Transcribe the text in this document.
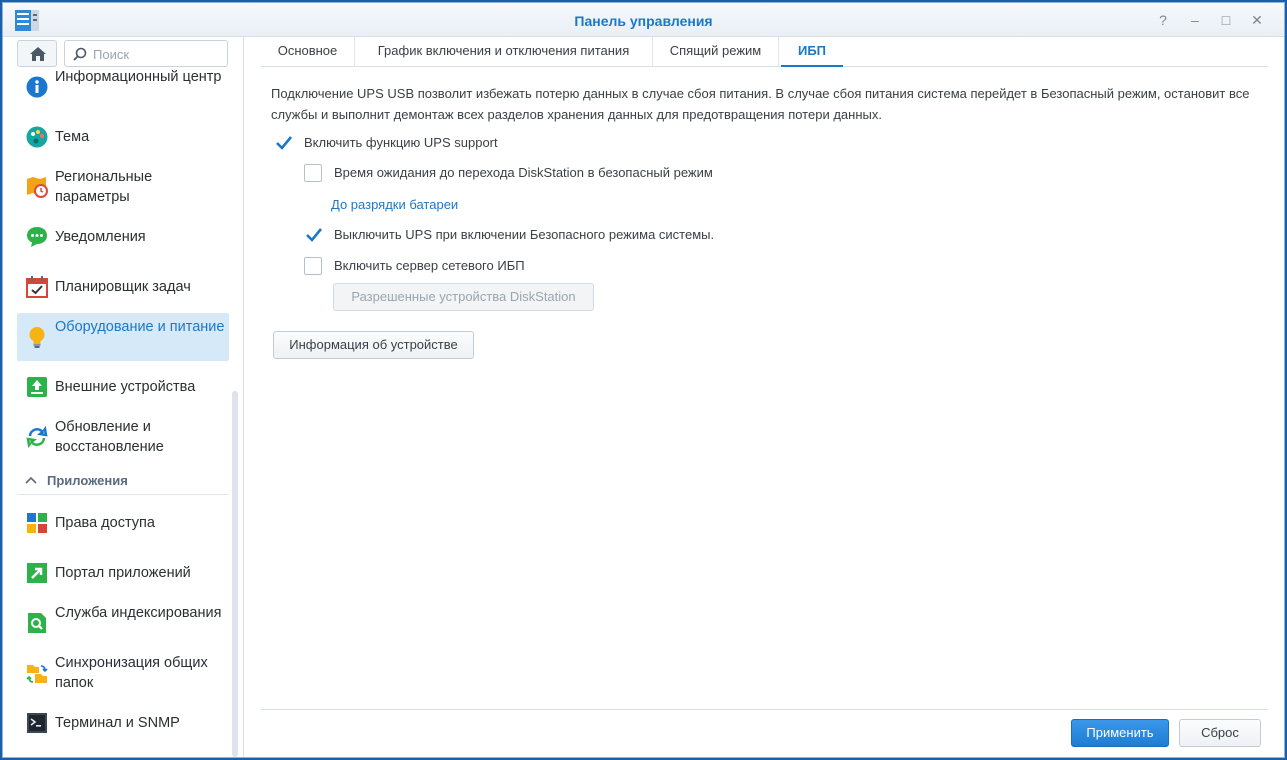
Панель управления	? – □ ✕
Поиск
Информационный центр
Тема
Региональные параметры
Уведомления
Планировщик задач
Оборудование и питание
Внешние устройства
Обновление и восстановление
Приложения
Права доступа
Портал приложений
Служба индексирования
Синхронизация общих папок
Терминал и SNMP
Основное	График включения и отключения питания	Спящий режим	ИБП
Подключение UPS USB позволит избежать потерю данных в случае сбоя питания. В случае сбоя питания система перейдет в Безопасный режим, остановит все службы и выполнит демонтаж всех разделов хранения данных для предотвращения потери данных.
Включить функцию UPS support
Время ожидания до перехода DiskStation в безопасный режим
До разрядки батареи
Выключить UPS при включении Безопасного режима системы.
Включить сервер сетевого ИБП
Разрешенные устройства DiskStation
Информация об устройстве
Применить	Сброс
